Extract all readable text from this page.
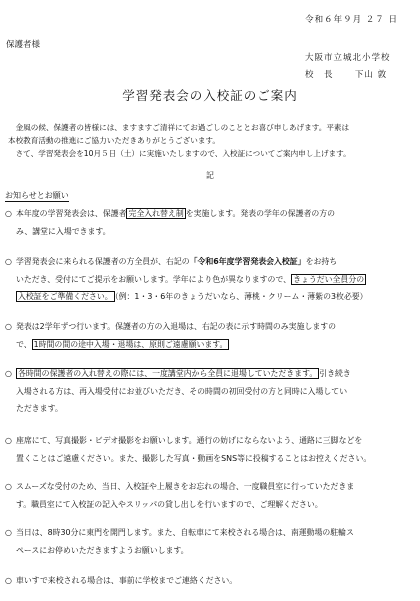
令和６年９月 ２７ 日
保護者様
大阪市立城北小学校
校　長	下山 敦
学習発表会の入校証のご案内

金風の候、保護者の皆様には、ますますご清祥にてお過ごしのこととお喜び申しあげます。平素は

本校教育活動の推進にご協力いただきありがとうございます。

さて、学習発表会を10月５日（土）に実施いたしますので、入校証についてご案内申し上げます。

記
お知らせとお願い
○ 本年度の学習発表会は、保護者 完全入れ替え制 を実施します。発表の学年の保護者の方の
み、講堂に入場できます。
○ 学習発表会に来られる保護者の方全員が、右記の「令和6年度学習発表会入校証」をお持ち
いただき、受付にてご提示をお願いします。学年により色が異なりますので、 きょうだい全員分の
入校証をご準備ください。 （例：1・3・6年のきょうだいなら、薄桃・クリーム・薄紫の3枚必要）
○ 発表は2学年ずつ行います。保護者の方の入退場は、右記の表に示す時間のみ実施しますの
で、 1時間の間の途中入場・退場は、原則ご遠慮願います。
○ 各時間の保護者の入れ替えの際には、一度講堂内から全員に退場していただきます。 引き続き
入場される方は、再入場受付にお並びいただき、その時間の初回受付の方と同時に入場してい
ただきます。
○ 座席にて、写真撮影・ビデオ撮影をお願いします。通行の妨げにならないよう、通路に三脚などを
置くことはご遠慮ください。また、撮影した写真・動画をSNS等に投稿することはお控えください。
○ スムーズな受付のため、当日、入校証や上履きをお忘れの場合、一度職員室に行っていただきま
す。職員室にて入校証の記入やスリッパの貸し出しを行いますので、ご理解ください。
○ 当日は、8時30分に東門を開門します。また、自転車にて来校される場合は、南運動場の駐輪ス
ペースにお停めいただきますようお願いします。
○ 車いすで来校される場合は、事前に学校までご連絡ください。
